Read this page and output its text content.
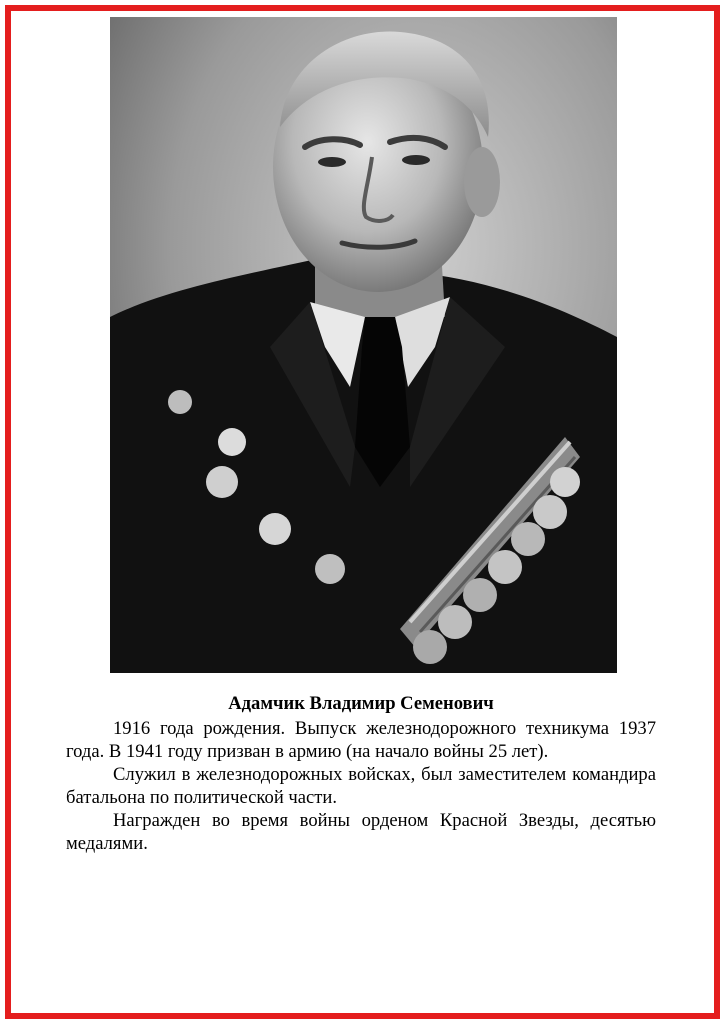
Адамчик Владимир Семенович

1916 года рождения. Выпуск железнодорожного техникума 1937 года. В 1941 году призван в армию (на начало войны 25 лет).

Служил в железнодорожных войсках, был заместителем командира батальона по политической части.

Награжден во время войны орденом Красной Звезды, десятью медалями.
